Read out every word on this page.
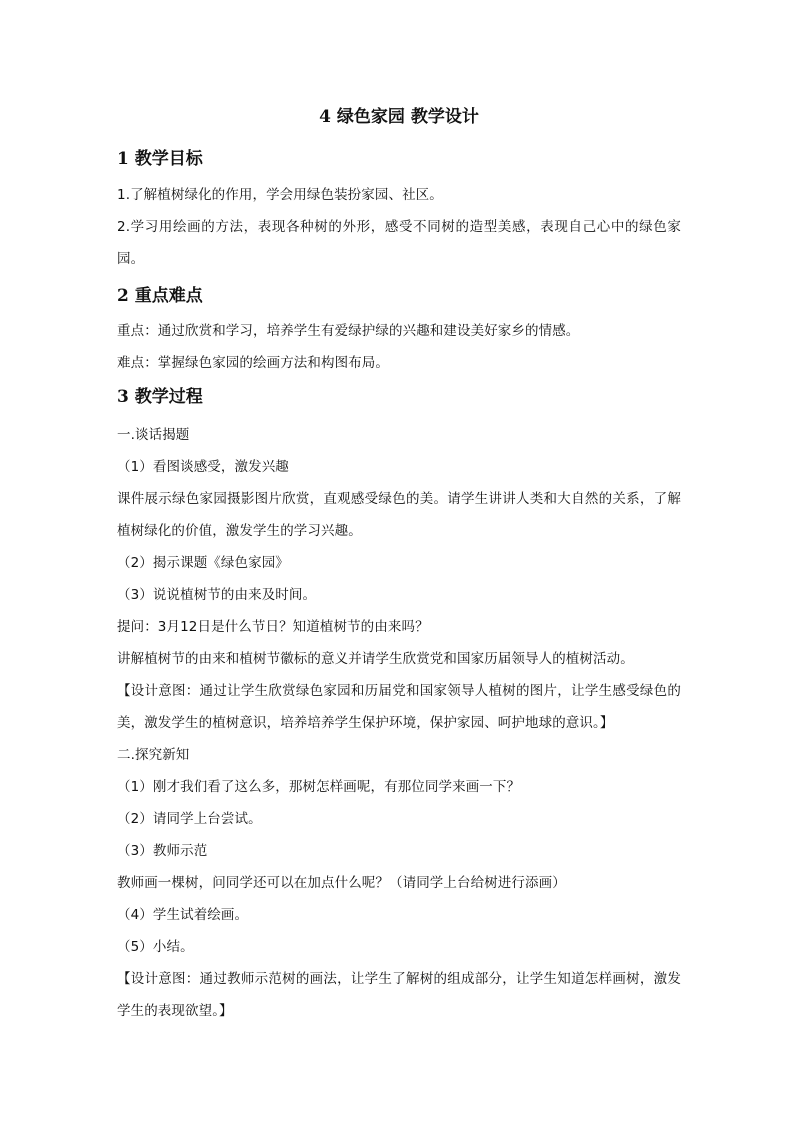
4 绿色家园 教学设计
1 教学目标

1.了解植树绿化的作用，学会用绿色装扮家园、社区。

2.学习用绘画的方法，表现各种树的外形，感受不同树的造型美感，表现自己心中的绿色家园。

2 重点难点

重点：通过欣赏和学习，培养学生有爱绿护绿的兴趣和建设美好家乡的情感。

难点：掌握绿色家园的绘画方法和构图布局。

3 教学过程

一.谈话揭题

（1）看图谈感受，激发兴趣

课件展示绿色家园摄影图片欣赏，直观感受绿色的美。请学生讲讲人类和大自然的关系，了解植树绿化的价值，激发学生的学习兴趣。

（2）揭示课题《绿色家园》

（3）说说植树节的由来及时间。

提问：3月12日是什么节日？知道植树节的由来吗？

讲解植树节的由来和植树节徽标的意义并请学生欣赏党和国家历届领导人的植树活动。

【设计意图：通过让学生欣赏绿色家园和历届党和国家领导人植树的图片，让学生感受绿色的美，激发学生的植树意识，培养培养学生保护环境，保护家园、呵护地球的意识。】

二.探究新知

（1）刚才我们看了这么多，那树怎样画呢，有那位同学来画一下？

（2）请同学上台尝试。

（3）教师示范

教师画一棵树，问同学还可以在加点什么呢？（请同学上台给树进行添画）

（4）学生试着绘画。

（5）小结。

【设计意图：通过教师示范树的画法，让学生了解树的组成部分，让学生知道怎样画树，激发学生的表现欲望。】
